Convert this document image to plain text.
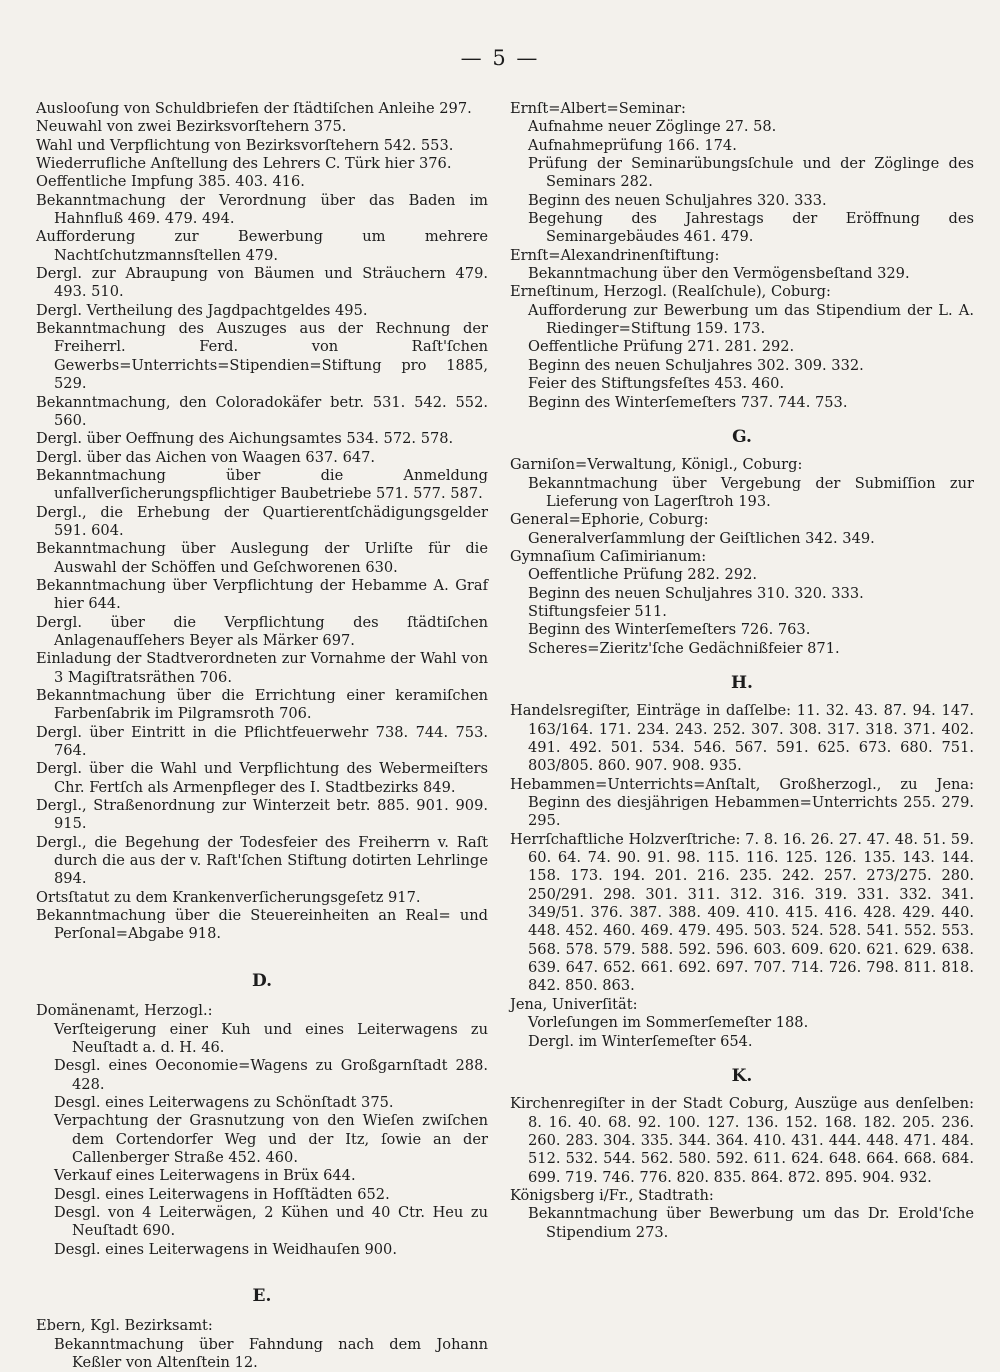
— 5 —

Auslooſung von Schuldbriefen der ſtädtiſchen Anleihe 297.

Neuwahl von zwei Bezirksvorſtehern 375.

Wahl und Verpflichtung von Bezirksvorſtehern 542. 553.

Wiederrufliche Anſtellung des Lehrers C. Türk hier 376.

Oeffentliche Impfung 385. 403. 416.

Bekanntmachung der Verordnung über das Baden im Hahnfluß 469. 479. 494.

Aufforderung zur Bewerbung um mehrere Nachtſchutzmannsſtellen 479.

Dergl. zur Abraupung von Bäumen und Sträuchern 479. 493. 510.

Dergl. Vertheilung des Jagdpachtgeldes 495.

Bekanntmachung des Auszuges aus der Rechnung der Freiherrl. Ferd. von Raſt'ſchen Gewerbs=Unterrichts=Stipendien=Stiftung pro 1885, 529.

Bekanntmachung, den Coloradokäfer betr. 531. 542. 552. 560.

Dergl. über Oeffnung des Aichungsamtes 534. 572. 578.

Dergl. über das Aichen von Waagen 637. 647.

Bekanntmachung über die Anmeldung unfallverſicherungspflichtiger Baubetriebe 571. 577. 587.

Dergl., die Erhebung der Quartierentſchädigungsgelder 591. 604.

Bekanntmachung über Auslegung der Urliſte für die Auswahl der Schöffen und Geſchworenen 630.

Bekanntmachung über Verpflichtung der Hebamme A. Graf hier 644.

Dergl. über die Verpflichtung des ſtädtiſchen Anlagenaufſehers Beyer als Märker 697.

Einladung der Stadtverordneten zur Vornahme der Wahl von 3 Magiſtratsräthen 706.

Bekanntmachung über die Errichtung einer keramiſchen Farbenſabrik im Pilgramsroth 706.

Dergl. über Eintritt in die Pflichtfeuerwehr 738. 744. 753. 764.

Dergl. über die Wahl und Verpflichtung des Webermeiſters Chr. Fertſch als Armenpfleger des I. Stadtbezirks 849.

Dergl., Straßenordnung zur Winterzeit betr. 885. 901. 909. 915.

Dergl., die Begehung der Todesfeier des Freiherrn v. Raſt durch die aus der v. Raſt'ſchen Stiftung dotirten Lehrlinge 894.

Ortsſtatut zu dem Krankenverſicherungsgeſetz 917.

Bekanntmachung über die Steuereinheiten an Real= und Perſonal=Abgabe 918.

D.

Domänenamt, Herzogl.:

Verſteigerung einer Kuh und eines Leiterwagens zu Neuſtadt a. d. H. 46.

Desgl. eines Oeconomie=Wagens zu Großgarnſtadt 288. 428.

Desgl. eines Leiterwagens zu Schönſtadt 375.

Verpachtung der Grasnutzung von den Wieſen zwiſchen dem Cortendorfer Weg und der Itz, ſowie an der Callenberger Straße 452. 460.

Verkauf eines Leiterwagens in Brüx 644.

Desgl. eines Leiterwagens in Hofſtädten 652.

Desgl. von 4 Leiterwägen, 2 Kühen und 40 Ctr. Heu zu Neuſtadt 690.

Desgl. eines Leiterwagens in Weidhauſen 900.

E.

Ebern, Kgl. Bezirksamt:

Bekanntmachung über Fahndung nach dem Johann Keßler von Altenſtein 12.

Ernſt=Albert=Seminar:

Aufnahme neuer Zöglinge 27. 58.

Aufnahmeprüfung 166. 174.

Prüfung der Seminarübungsſchule und der Zöglinge des Seminars 282.

Beginn des neuen Schuljahres 320. 333.

Begehung des Jahrestags der Eröffnung des Seminargebäudes 461. 479.

Ernſt=Alexandrinenſtiftung:

Bekanntmachung über den Vermögensbeſtand 329.

Erneſtinum, Herzogl. (Realſchule), Coburg:

Aufforderung zur Bewerbung um das Stipendium der L. A. Riedinger=Stiftung 159. 173.

Oeffentliche Prüfung 271. 281. 292.

Beginn des neuen Schuljahres 302. 309. 332.

Feier des Stiftungsfeſtes 453. 460.

Beginn des Winterſemeſters 737. 744. 753.

G.

Garniſon=Verwaltung, Königl., Coburg:

Bekanntmachung über Vergebung der Submiſſion zur Lieferung von Lagerſtroh 193.

General=Ephorie, Coburg:

Generalverſammlung der Geiſtlichen 342. 349.

Gymnaſium Caſimirianum:

Oeffentliche Prüfung 282. 292.

Beginn des neuen Schuljahres 310. 320. 333.

Stiftungsfeier 511.

Beginn des Winterſemeſters 726. 763.

Scheres=Zieritz'ſche Gedächnißfeier 871.

H.

Handelsregiſter, Einträge in daſſelbe: 11. 32. 43. 87. 94. 147. 163/164. 171. 234. 243. 252. 307. 308. 317. 318. 371. 402. 491. 492. 501. 534. 546. 567. 591. 625. 673. 680. 751. 803/805. 860. 907. 908. 935.

Hebammen=Unterrichts=Anſtalt, Großherzogl., zu Jena: Beginn des diesjährigen Hebammen=Unterrichts 255. 279. 295.

Herrſchaftliche Holzverſtriche: 7. 8. 16. 26. 27. 47. 48. 51. 59. 60. 64. 74. 90. 91. 98. 115. 116. 125. 126. 135. 143. 144. 158. 173. 194. 201. 216. 235. 242. 257. 273/275. 280. 250/291. 298. 301. 311. 312. 316. 319. 331. 332. 341. 349/51. 376. 387. 388. 409. 410. 415. 416. 428. 429. 440. 448. 452. 460. 469. 479. 495. 503. 524. 528. 541. 552. 553. 568. 578. 579. 588. 592. 596. 603. 609. 620. 621. 629. 638. 639. 647. 652. 661. 692. 697. 707. 714. 726. 798. 811. 818. 842. 850. 863.

Jena, Univerſität:

Vorleſungen im Sommerſemeſter 188.

Dergl. im Winterſemeſter 654.

K.

Kirchenregiſter in der Stadt Coburg, Auszüge aus denſelben: 8. 16. 40. 68. 92. 100. 127. 136. 152. 168. 182. 205. 236. 260. 283. 304. 335. 344. 364. 410. 431. 444. 448. 471. 484. 512. 532. 544. 562. 580. 592. 611. 624. 648. 664. 668. 684. 699. 719. 746. 776. 820. 835. 864. 872. 895. 904. 932.

Königsberg i/Fr., Stadtrath:

Bekanntmachung über Bewerbung um das Dr. Erold'ſche Stipendium 273.
